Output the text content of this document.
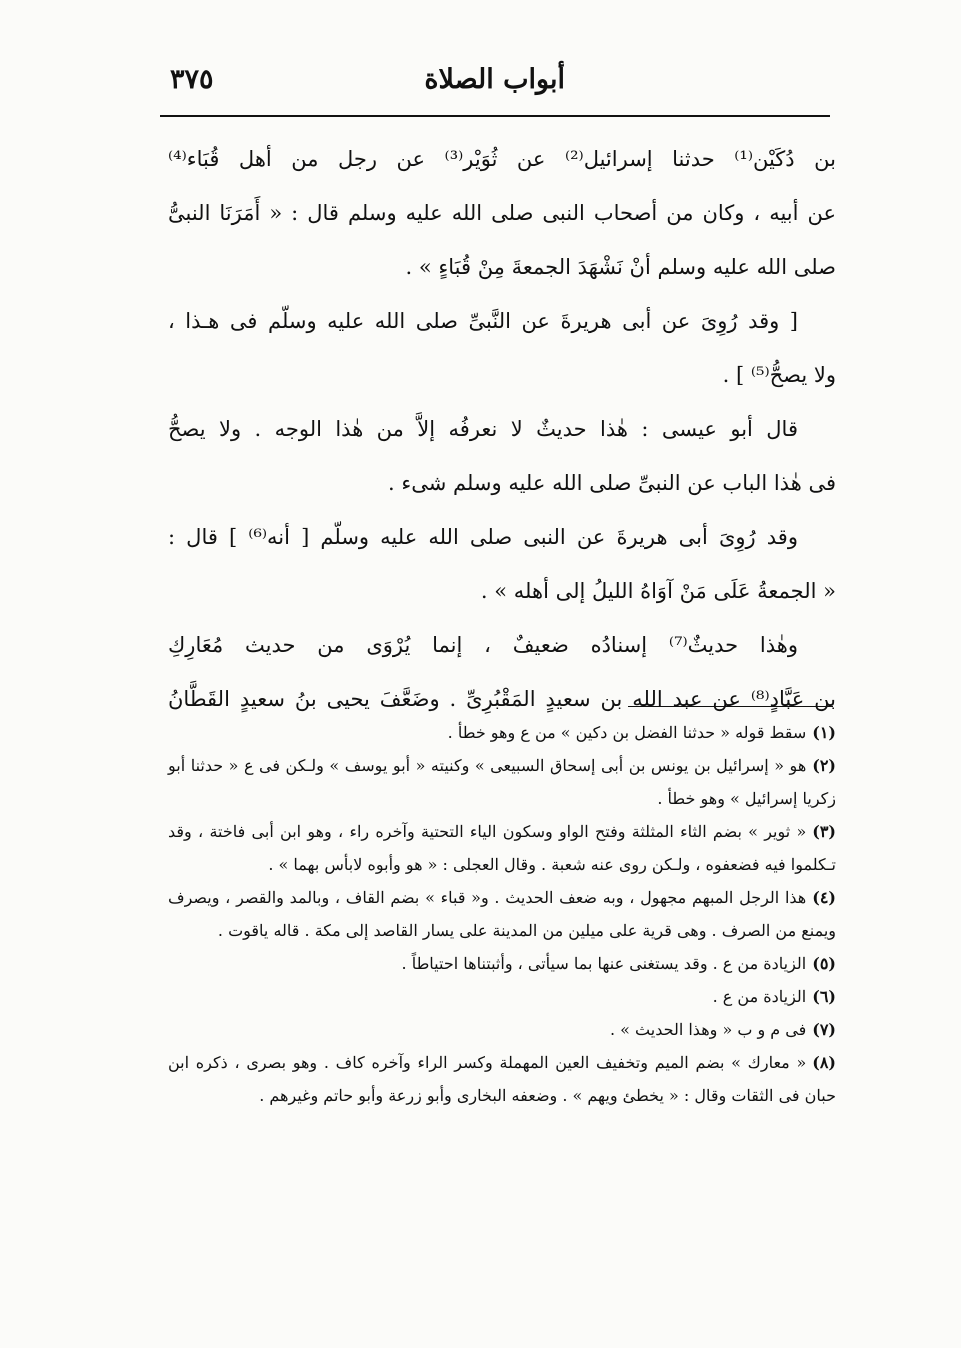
أبواب الصلاة
٣٧٥
بن دُكَيْن⁽¹⁾ حدثنا إسرائيل⁽²⁾ عن ثُوَيْر⁽³⁾ عن رجل من أهل قُبَاء⁽⁴⁾
عن أبيه ، وكان من أصحاب النبى صلى الله عليه وسلم قال : « أَمَرَنَا النبىُّ
صلى الله عليه وسلم أنْ نَشْهَدَ الجمعةَ مِنْ قُبَاءٍ » .
[ وقد رُوِىَ عن أبى هريرةَ عن النَّبىِّ صلى الله عليه وسلّم فى هـذا ،
ولا يصحُّ⁽⁵⁾ ] .
قال أبو عيسى : هٰذا حديثٌ لا نعرفُه إلاَّ من هٰذا الوجه . ولا يصحُّ
فى هٰذا الباب عن النبىِّ صلى الله عليه وسلم شىء .
وقد رُوِىَ أبى هريرةَ عن النبى صلى الله عليه وسلّم [ أنه⁽⁶⁾ ] قال :
« الجمعةُ عَلَى مَنْ آوَاهُ الليلُ إلى أهله » .
وهٰذا حديثٌ⁽⁷⁾ إسنادُه ضعيفٌ ، إنما يُرْوَى من حديث مُعَارِكِ
بن عَبَّادٍ⁽⁸⁾ عن عبد الله بن سعيدٍ المَقْبُرِىِّ . وضَعَّفَ يحيى بنُ سعيدٍ القَطَّانُ
(١)سقط قوله « حدثنا الفضل بن دكين » من ع وهو خطأ .
(٢)هو « إسرائيل بن يونس بن أبى إسحاق السبيعى » وكنيته « أبو يوسف » ولـكن فى ع « حدثنا أبو زكريا إسرائيل » وهو خطأ .
(٣)« ثوير » بضم الثاء المثلثة وفتح الواو وسكون الياء التحتية وآخره راء ، وهو ابن أبى فاختة ، وقد تـكلموا فيه فضعفوه ، ولـكن روى عنه شعبة . وقال العجلى : « هو وأبوه لابأس بهما » .
(٤)هذا الرجل المبهم مجهول ، وبه ضعف الحديث . و« قباء » بضم القاف ، وبالمد والقصر ، ويصرف ويمنع من الصرف . وهى قرية على ميلين من المدينة على يسار القاصد إلى مكة . قاله ياقوت .
(٥)الزيادة من ع . وقد يستغنى عنها بما سيأتى ، وأثبتناها احتياطاً .
(٦)الزيادة من ع .
(٧)فى م و ب « وهذا الحديث » .
(٨)« معارك » بضم الميم وتخفيف العين المهملة وكسر الراء وآخره كاف . وهو بصرى ، ذكره ابن حبان فى الثقات وقال : « يخطئ ويهم » . وضعفه البخارى وأبو زرعة وأبو حاتم وغيرهم .
